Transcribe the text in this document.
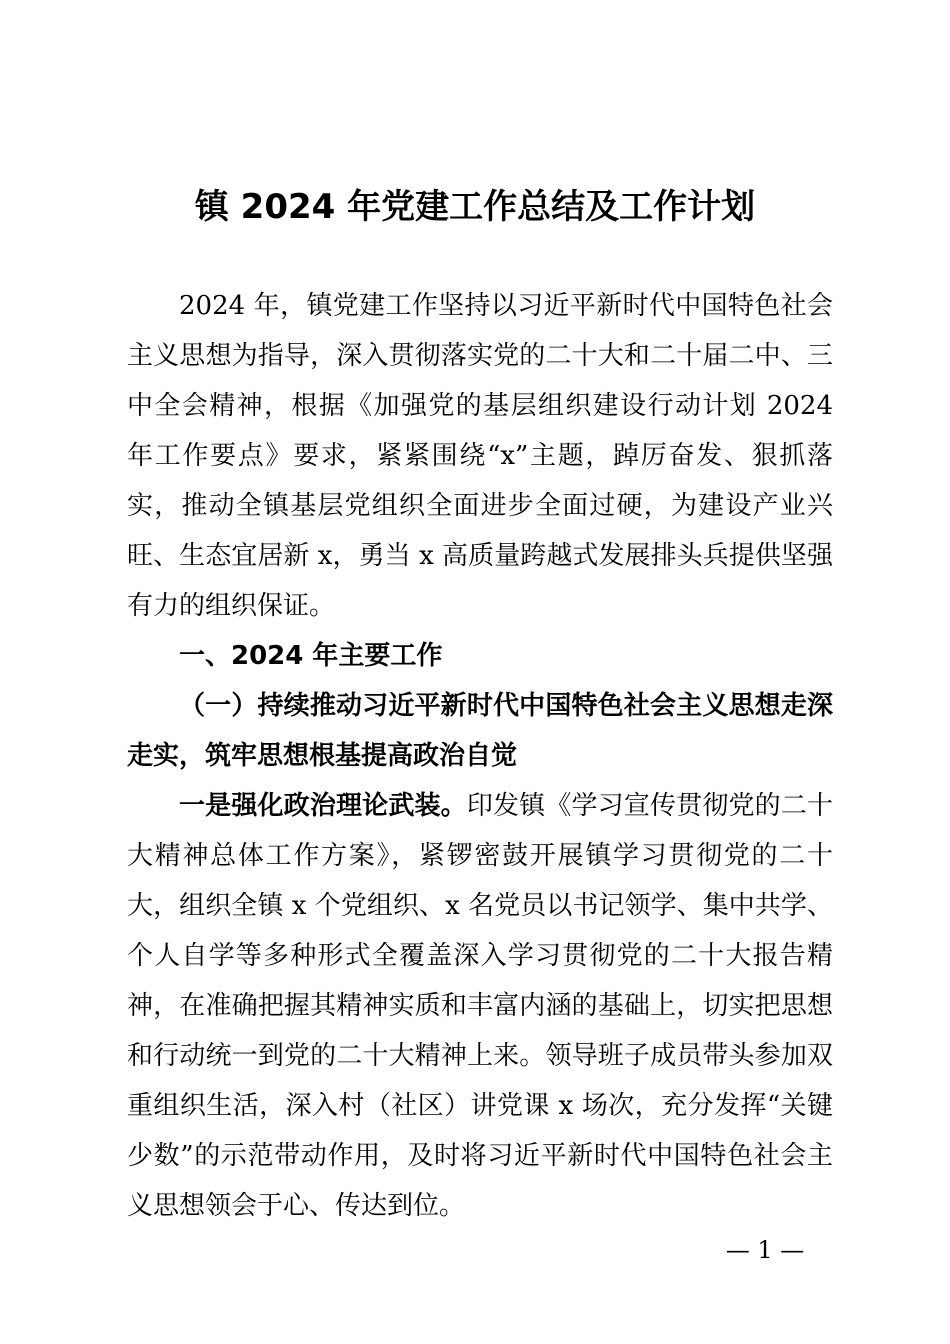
镇 2024 年党建工作总结及工作计划

2024 年，镇党建工作坚持以习近平新时代中国特色社会主义思想为指导，深入贯彻落实党的二十大和二十届二中、三中全会精神，根据《加强党的基层组织建设行动计划 2024 年工作要点》要求，紧紧围绕“x”主题，踔厉奋发、狠抓落实，推动全镇基层党组织全面进步全面过硬，为建设产业兴旺、生态宜居新 x，勇当 x 高质量跨越式发展排头兵提供坚强有力的组织保证。

一、2024 年主要工作

（一）持续推动习近平新时代中国特色社会主义思想走深走实，筑牢思想根基提高政治自觉

一是强化政治理论武装。印发镇《学习宣传贯彻党的二十大精神总体工作方案》，紧锣密鼓开展镇学习贯彻党的二十大，组织全镇 x 个党组织、x 名党员以书记领学、集中共学、个人自学等多种形式全覆盖深入学习贯彻党的二十大报告精神，在准确把握其精神实质和丰富内涵的基础上，切实把思想和行动统一到党的二十大精神上来。领导班子成员带头参加双重组织生活，深入村（社区）讲党课 x 场次，充分发挥“关键少数”的示范带动作用，及时将习近平新时代中国特色社会主义思想领会于心、传达到位。

— 1 —
